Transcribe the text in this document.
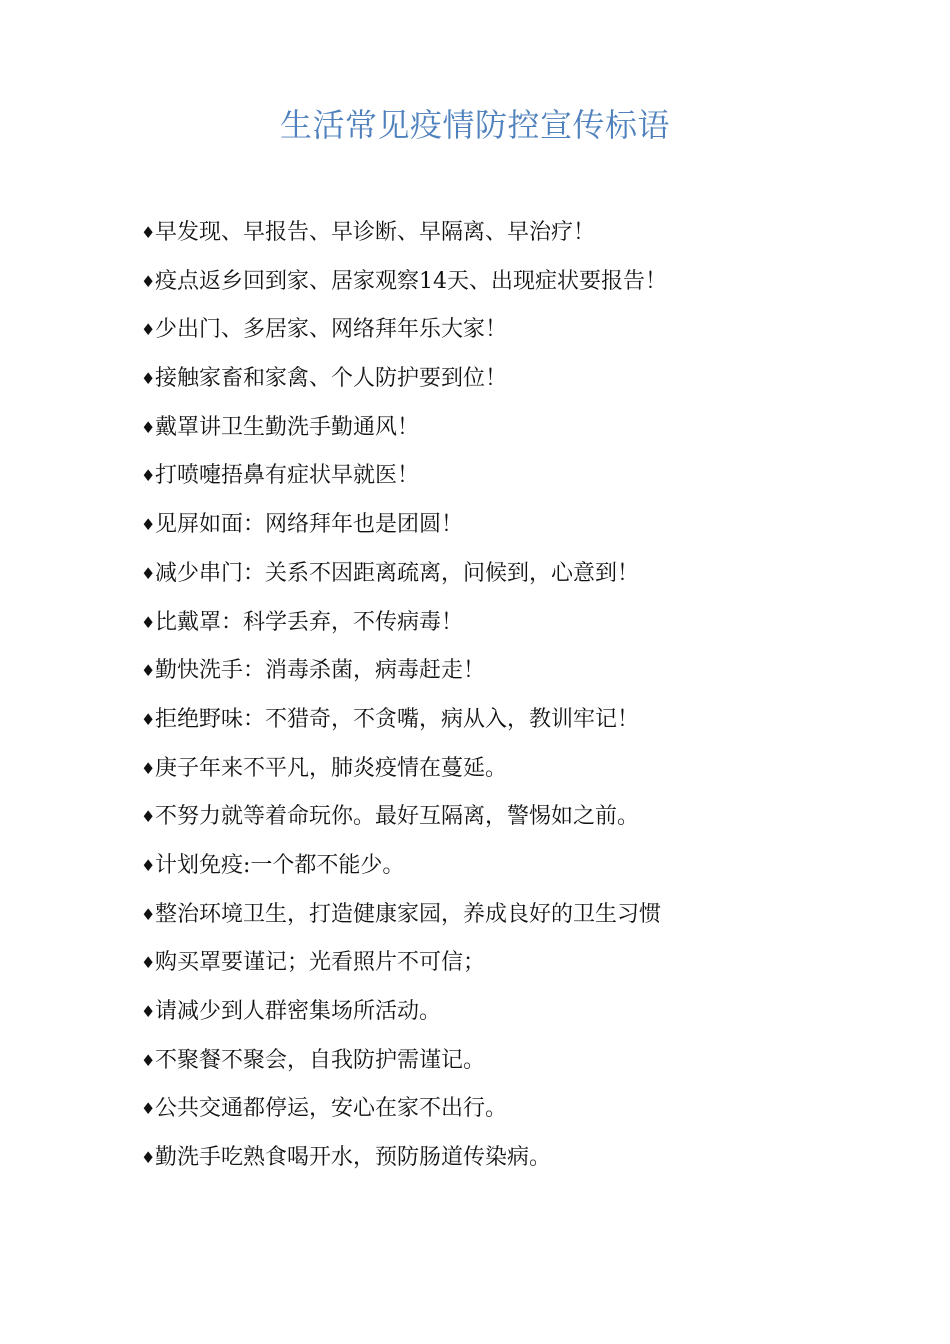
生活常见疫情防控宣传标语
♦ 早发现、早报告、早诊断、早隔离、早治疗！
♦ 疫点返乡回到家、居家观察14天、出现症状要报告！
♦ 少出门、多居家、网络拜年乐大家！
♦ 接触家畜和家禽、个人防护要到位！
♦ 戴罩讲卫生勤洗手勤通风！
♦ 打喷嚏捂鼻有症状早就医！
♦ 见屏如面：网络拜年也是团圆！
♦ 减少串门：关系不因距离疏离，问候到，心意到！
♦ 比戴罩：科学丢弃，不传病毒！
♦ 勤快洗手：消毒杀菌，病毒赶走！
♦ 拒绝野味：不猎奇，不贪嘴，病从入，教训牢记！
♦ 庚子年来不平凡，肺炎疫情在蔓延。
♦ 不努力就等着命玩你。最好互隔离，警惕如之前。
♦ 计划免疫:一个都不能少。
♦ 整治环境卫生，打造健康家园，养成良好的卫生习惯
♦ 购买罩要谨记；光看照片不可信；
♦ 请减少到人群密集场所活动。
♦ 不聚餐不聚会，自我防护需谨记。
♦ 公共交通都停运，安心在家不出行。
♦ 勤洗手吃熟食喝开水，预防肠道传染病。
